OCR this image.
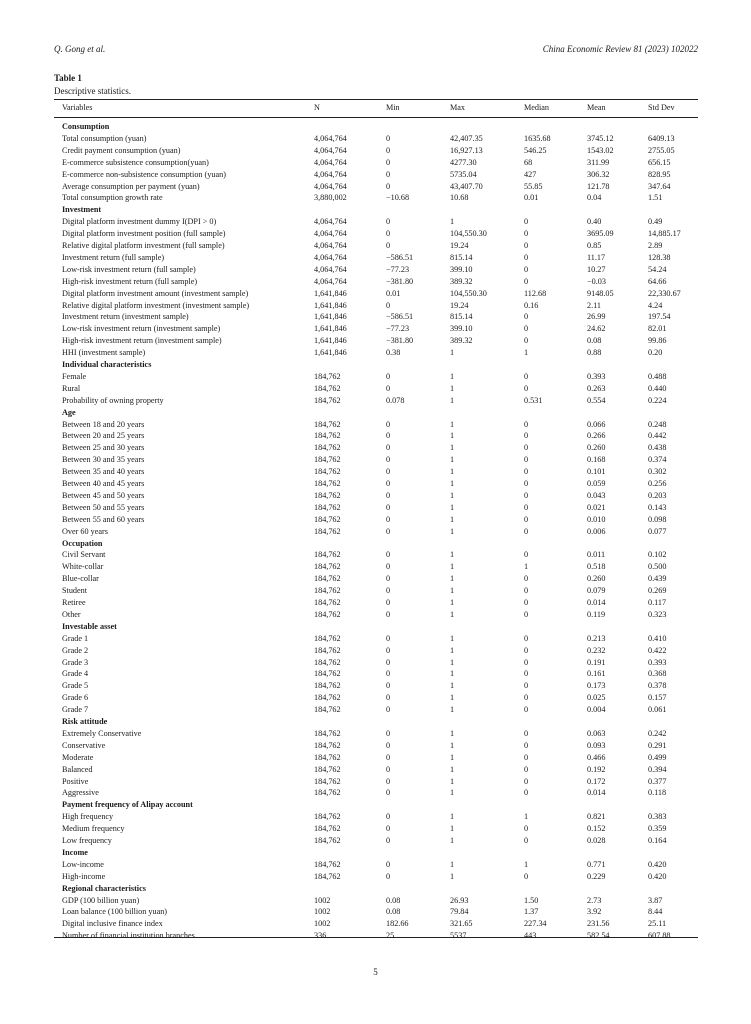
Q. Gong et al.	China Economic Review 81 (2023) 102022
Table 1
Descriptive statistics.
Variables	N	Min	Max	Median	Mean	Std Dev
Consumption
Total consumption (yuan)	4,064,764	0	42,407.35	1635.68	3745.12	6409.13
Credit payment consumption (yuan)	4,064,764	0	16,927.13	546.25	1543.02	2755.05
E-commerce subsistence consumption(yuan)	4,064,764	0	4277.30	68	311.99	656.15
E-commerce non-subsistence consumption (yuan)	4,064,764	0	5735.04	427	306.32	828.95
Average consumption per payment (yuan)	4,064,764	0	43,407.70	55.85	121.78	347.64
Total consumption growth rate	3,880,002	−10.68	10.68	0.01	0.04	1.51
Investment
Digital platform investment dummy I(DPI > 0)	4,064,764	0	1	0	0.40	0.49
Digital platform investment position (full sample)	4,064,764	0	104,550.30	0	3695.09	14,885.17
Relative digital platform investment (full sample)	4,064,764	0	19.24	0	0.85	2.89
Investment return (full sample)	4,064,764	−586.51	815.14	0	11.17	128.38
Low-risk investment return (full sample)	4,064,764	−77.23	399.10	0	10.27	54.24
High-risk investment return (full sample)	4,064,764	−381.80	389.32	0	−0.03	64.66
Digital platform investment amount (investment sample)	1,641,846	0.01	104,550.30	112.68	9148.05	22,330.67
Relative digital platform investment (investment sample)	1,641,846	0	19.24	0.16	2.11	4.24
Investment return (investment sample)	1,641,846	−586.51	815.14	0	26.99	197.54
Low-risk investment return (investment sample)	1,641,846	−77.23	399.10	0	24.62	82.01
High-risk investment return (investment sample)	1,641,846	−381.80	389.32	0	0.08	99.86
HHI (investment sample)	1,641,846	0.38	1	1	0.88	0.20
Individual characteristics
Female	184,762	0	1	0	0.393	0.488
Rural	184,762	0	1	0	0.263	0.440
Probability of owning property	184,762	0.078	1	0.531	0.554	0.224
Age
Between 18 and 20 years	184,762	0	1	0	0.066	0.248
Between 20 and 25 years	184,762	0	1	0	0.266	0.442
Between 25 and 30 years	184,762	0	1	0	0.260	0.438
Between 30 and 35 years	184,762	0	1	0	0.168	0.374
Between 35 and 40 years	184,762	0	1	0	0.101	0.302
Between 40 and 45 years	184,762	0	1	0	0.059	0.256
Between 45 and 50 years	184,762	0	1	0	0.043	0.203
Between 50 and 55 years	184,762	0	1	0	0.021	0.143
Between 55 and 60 years	184,762	0	1	0	0.010	0.098
Over 60 years	184,762	0	1	0	0.006	0.077
Occupation
Civil Servant	184,762	0	1	0	0.011	0.102
White-collar	184,762	0	1	1	0.518	0.500
Blue-collar	184,762	0	1	0	0.260	0.439
Student	184,762	0	1	0	0.079	0.269
Retiree	184,762	0	1	0	0.014	0.117
Other	184,762	0	1	0	0.119	0.323
Investable asset
Grade 1	184,762	0	1	0	0.213	0.410
Grade 2	184,762	0	1	0	0.232	0.422
Grade 3	184,762	0	1	0	0.191	0.393
Grade 4	184,762	0	1	0	0.161	0.368
Grade 5	184,762	0	1	0	0.173	0.378
Grade 6	184,762	0	1	0	0.025	0.157
Grade 7	184,762	0	1	0	0.004	0.061
Risk attitude
Extremely Conservative	184,762	0	1	0	0.063	0.242
Conservative	184,762	0	1	0	0.093	0.291
Moderate	184,762	0	1	0	0.466	0.499
Balanced	184,762	0	1	0	0.192	0.394
Positive	184,762	0	1	0	0.172	0.377
Aggressive	184,762	0	1	0	0.014	0.118
Payment frequency of Alipay account
High frequency	184,762	0	1	1	0.821	0.383
Medium frequency	184,762	0	1	0	0.152	0.359
Low frequency	184,762	0	1	0	0.028	0.164
Income
Low-income	184,762	0	1	1	0.771	0.420
High-income	184,762	0	1	0	0.229	0.420
Regional characteristics
GDP (100 billion yuan)	1002	0.08	26.93	1.50	2.73	3.87
Loan balance (100 billion yuan)	1002	0.08	79.84	1.37	3.92	8.44
Digital inclusive finance index	1002	182.66	321.65	227.34	231.56	25.11
Number of financial institution branches	336	25	5537	443	582.54	607.88
5
